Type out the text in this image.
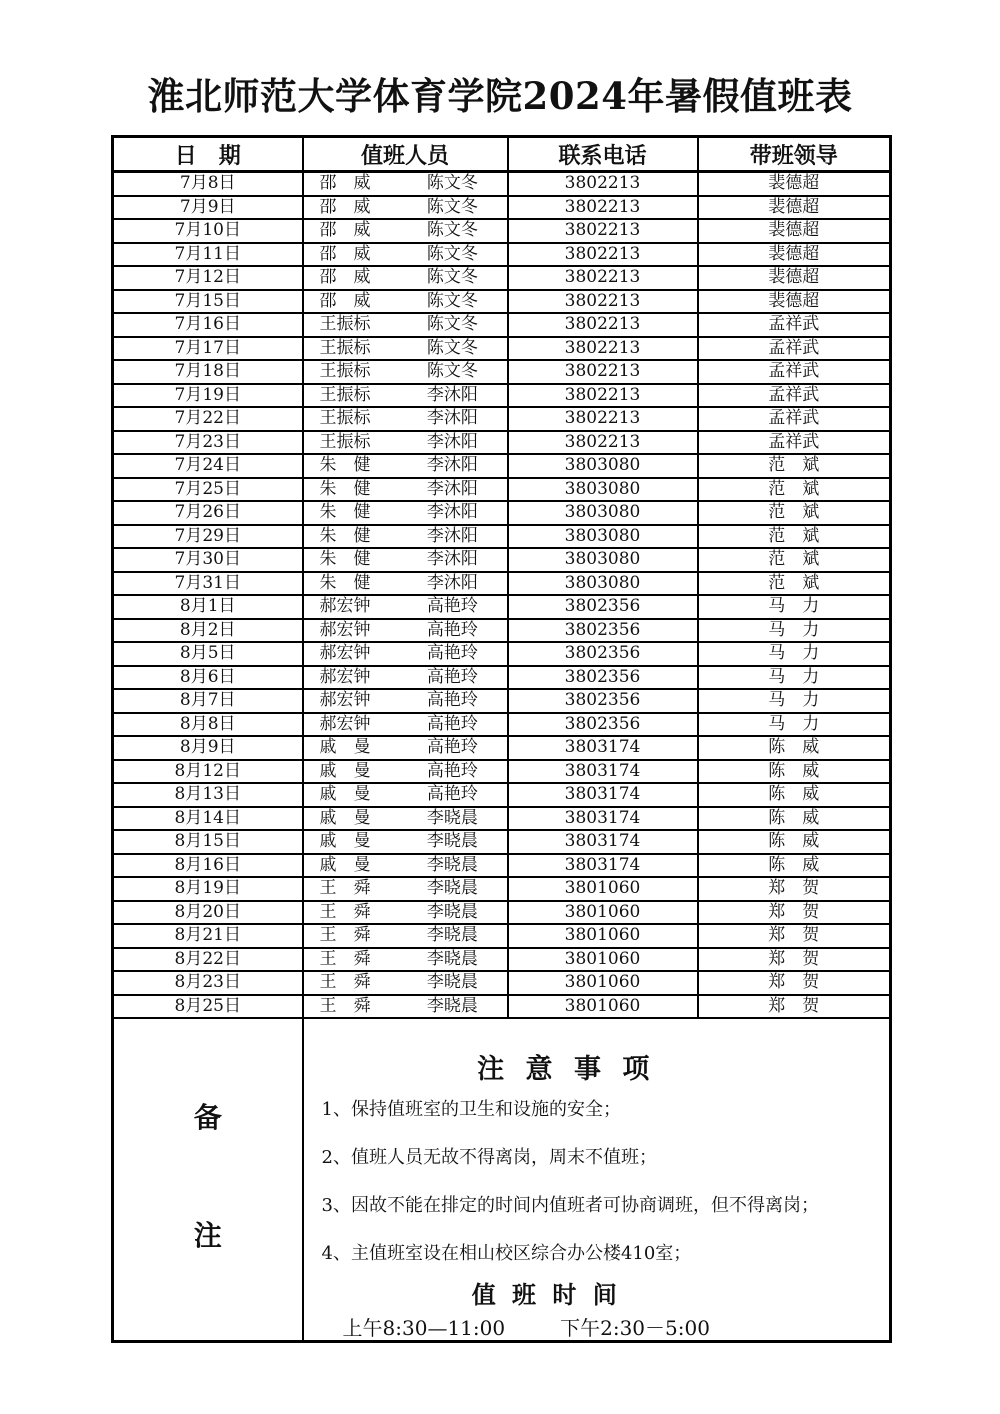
淮北师范大学体育学院2024年暑假值班表
日　期	值班人员	联系电话	带班领导
7月8日	邵　威 陈文冬	3802213	裴德超
7月9日	邵　威 陈文冬	3802213	裴德超
7月10日	邵　威 陈文冬	3802213	裴德超
7月11日	邵　威 陈文冬	3802213	裴德超
7月12日	邵　威 陈文冬	3802213	裴德超
7月15日	邵　威 陈文冬	3802213	裴德超
7月16日	王振标 陈文冬	3802213	孟祥武
7月17日	王振标 陈文冬	3802213	孟祥武
7月18日	王振标 陈文冬	3802213	孟祥武
7月19日	王振标 李沐阳	3802213	孟祥武
7月22日	王振标 李沐阳	3802213	孟祥武
7月23日	王振标 李沐阳	3802213	孟祥武
7月24日	朱　健 李沐阳	3803080	范　斌
7月25日	朱　健 李沐阳	3803080	范　斌
7月26日	朱　健 李沐阳	3803080	范　斌
7月29日	朱　健 李沐阳	3803080	范　斌
7月30日	朱　健 李沐阳	3803080	范　斌
7月31日	朱　健 李沐阳	3803080	范　斌
8月1日	郝宏钟 高艳玲	3802356	马　力
8月2日	郝宏钟 高艳玲	3802356	马　力
8月5日	郝宏钟 高艳玲	3802356	马　力
8月6日	郝宏钟 高艳玲	3802356	马　力
8月7日	郝宏钟 高艳玲	3802356	马　力
8月8日	郝宏钟 高艳玲	3802356	马　力
8月9日	戚　曼 高艳玲	3803174	陈　威
8月12日	戚　曼 高艳玲	3803174	陈　威
8月13日	戚　曼 高艳玲	3803174	陈　威
8月14日	戚　曼 李晓晨	3803174	陈　威
8月15日	戚　曼 李晓晨	3803174	陈　威
8月16日	戚　曼 李晓晨	3803174	陈　威
8月19日	王　舜 李晓晨	3801060	郑　贺
8月20日	王　舜 李晓晨	3801060	郑　贺
8月21日	王　舜 李晓晨	3801060	郑　贺
8月22日	王　舜 李晓晨	3801060	郑　贺
8月23日	王　舜 李晓晨	3801060	郑　贺
8月25日	王　舜 李晓晨	3801060	郑　贺

备
注

注 意 事 项
1、保持值班室的卫生和设施的安全；
2、值班人员无故不得离岗，周末不值班；
3、因故不能在排定的时间内值班者可协商调班，但不得离岗；
4、主值班室设在相山校区综合办公楼410室；
值 班 时 间
上午8:30—11:00	下午2:30－5:00
